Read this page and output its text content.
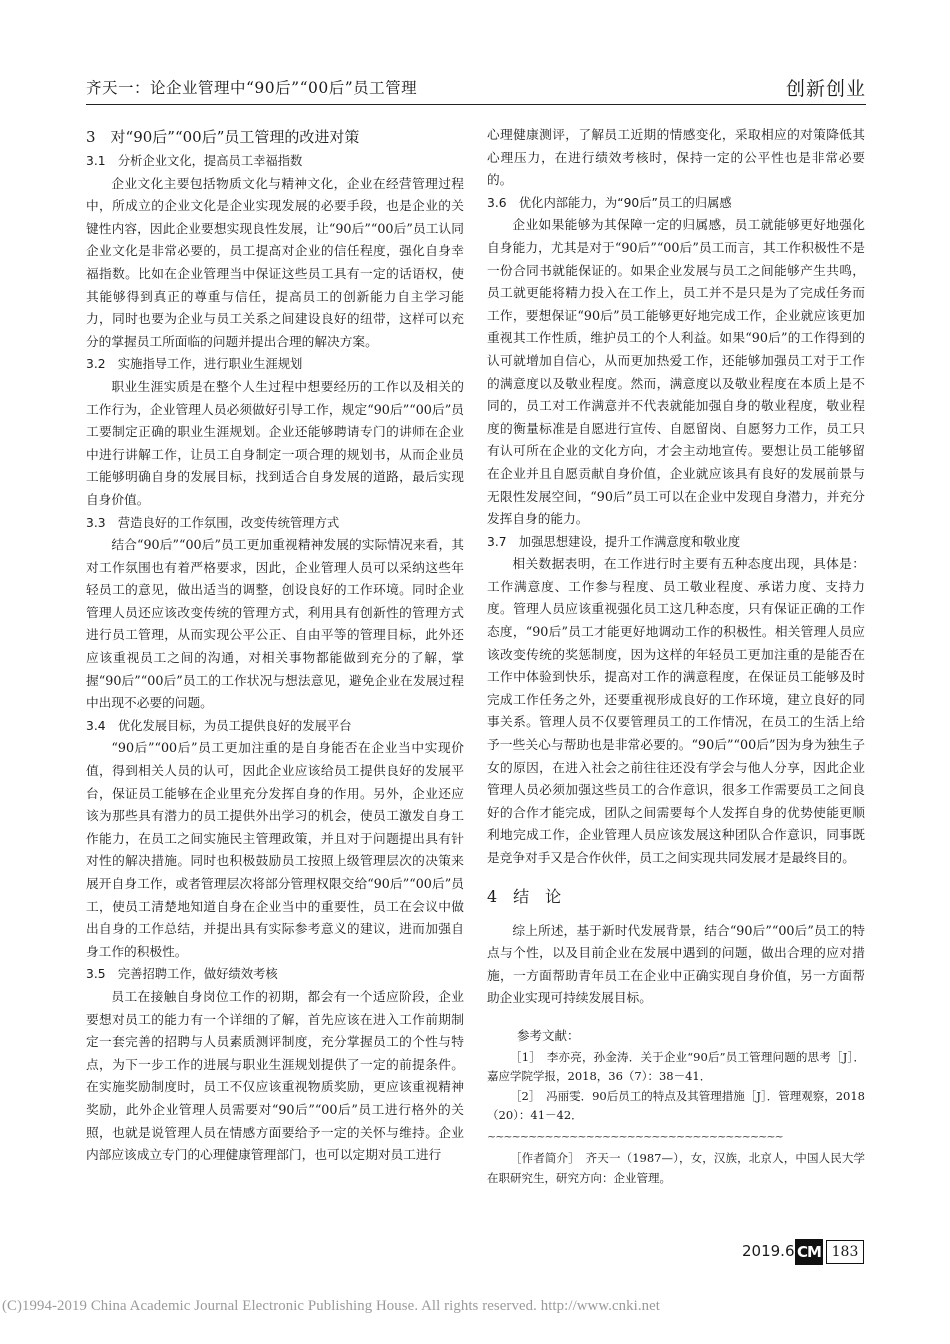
齐天一：论企业管理中“90后”“00后”员工管理	创新创业

3　对“90后”“00后”员工管理的改进对策

3.1　分析企业文化，提高员工幸福指数

企业文化主要包括物质文化与精神文化，企业在经营管理过程中，所成立的企业文化是企业实现发展的必要手段，也是企业的关键性内容，因此企业要想实现良性发展，让“90后”“00后”员工认同企业文化是非常必要的，员工提高对企业的信任程度，强化自身幸福指数。比如在企业管理当中保证这些员工具有一定的话语权，使其能够得到真正的尊重与信任，提高员工的创新能力自主学习能力，同时也要为企业与员工关系之间建设良好的纽带，这样可以充分的掌握员工所面临的问题并提出合理的解决方案。

3.2　实施指导工作，进行职业生涯规划

职业生涯实质是在整个人生过程中想要经历的工作以及相关的工作行为，企业管理人员必须做好引导工作，规定“90后”“00后”员工要制定正确的职业生涯规划。企业还能够聘请专门的讲师在企业中进行讲解工作，让员工自身制定一项合理的规划书，从而企业员工能够明确自身的发展目标，找到适合自身发展的道路，最后实现自身价值。

3.3　营造良好的工作氛围，改变传统管理方式

结合“90后”“00后”员工更加重视精神发展的实际情况来看，其对工作氛围也有着严格要求，因此，企业管理人员可以采纳这些年轻员工的意见，做出适当的调整，创设良好的工作环境。同时企业管理人员还应该改变传统的管理方式，利用具有创新性的管理方式进行员工管理，从而实现公平公正、自由平等的管理目标，此外还应该重视员工之间的沟通，对相关事物都能做到充分的了解，掌握“90后”“00后”员工的工作状况与想法意见，避免企业在发展过程中出现不必要的问题。

3.4　优化发展目标，为员工提供良好的发展平台

“90后”“00后”员工更加注重的是自身能否在企业当中实现价值，得到相关人员的认可，因此企业应该给员工提供良好的发展平台，保证员工能够在企业里充分发挥自身的作用。另外，企业还应该为那些具有潜力的员工提供外出学习的机会，使员工激发自身工作能力，在员工之间实施民主管理政策，并且对于问题提出具有针对性的解决措施。同时也积极鼓励员工按照上级管理层次的决策来展开自身工作，或者管理层次将部分管理权限交给“90后”“00后”员工，使员工清楚地知道自身在企业当中的重要性，员工在会议中做出自身的工作总结，并提出具有实际参考意义的建议，进而加强自身工作的积极性。

3.5　完善招聘工作，做好绩效考核

员工在接触自身岗位工作的初期，都会有一个适应阶段，企业要想对员工的能力有一个详细的了解，首先应该在进入工作前期制定一套完善的招聘与人员素质测评制度，充分掌握员工的个性与特点，为下一步工作的进展与职业生涯规划提供了一定的前提条件。在实施奖励制度时，员工不仅应该重视物质奖励，更应该重视精神奖励，此外企业管理人员需要对“90后”“00后”员工进行格外的关照，也就是说管理人员在情感方面要给予一定的关怀与维持。企业内部应该成立专门的心理健康管理部门，也可以定期对员工进行

心理健康测评，了解员工近期的情感变化，采取相应的对策降低其心理压力，在进行绩效考核时，保持一定的公平性也是非常必要的。

3.6　优化内部能力，为“90后”员工的归属感

企业如果能够为其保障一定的归属感，员工就能够更好地强化自身能力，尤其是对于“90后”“00后”员工而言，其工作积极性不是一份合同书就能保证的。如果企业发展与员工之间能够产生共鸣，员工就更能将精力投入在工作上，员工并不是只是为了完成任务而工作，要想保证“90后”员工能够更好地完成工作，企业就应该更加重视其工作性质，维护员工的个人利益。如果“90后”的工作得到的认可就增加自信心，从而更加热爱工作，还能够加强员工对于工作的满意度以及敬业程度。然而，满意度以及敬业程度在本质上是不同的，员工对工作满意并不代表就能加强自身的敬业程度，敬业程度的衡量标准是自愿进行宣传、自愿留岗、自愿努力工作，员工只有认可所在企业的文化方向，才会主动地宣传。要想让员工能够留在企业并且自愿贡献自身价值，企业就应该具有良好的发展前景与无限性发展空间，“90后”员工可以在企业中发现自身潜力，并充分发挥自身的能力。

3.7　加强思想建设，提升工作满意度和敬业度

相关数据表明，在工作进行时主要有五种态度出现，具体是：工作满意度、工作参与程度、员工敬业程度、承诺力度、支持力度。管理人员应该重视强化员工这几种态度，只有保证正确的工作态度，“90后”员工才能更好地调动工作的积极性。相关管理人员应该改变传统的奖惩制度，因为这样的年轻员工更加注重的是能否在工作中体验到快乐，提高对工作的满意程度，在保证员工能够及时完成工作任务之外，还要重视形成良好的工作环境，建立良好的同事关系。管理人员不仅要管理员工的工作情况，在员工的生活上给予一些关心与帮助也是非常必要的。“90后”“00后”因为身为独生子女的原因，在进入社会之前往往还没有学会与他人分享，因此企业管理人员必须加强这些员工的合作意识，很多工作需要员工之间良好的合作才能完成，团队之间需要每个人发挥自身的优势使能更顺利地完成工作，企业管理人员应该发展这种团队合作意识，同事既是竞争对手又是合作伙伴，员工之间实现共同发展才是最终目的。

4　结　论

综上所述，基于新时代发展背景，结合“90后”“00后”员工的特点与个性，以及目前企业在发展中遇到的问题，做出合理的应对措施，一方面帮助青年员工在企业中正确实现自身价值，另一方面帮助企业实现可持续发展目标。

参考文献：

［1］　李亦亮，孙金涛．关于企业“90后”员工管理问题的思考［J］．嘉应学院学报，2018，36（7）：38－41．

［2］　冯丽雯．90后员工的特点及其管理措施［J］．管理观察，2018（20）：41－42．

~~~~~~~~~~~~~~~~~~~~~~~~~~~~~~~~~~~~

［作者简介］　齐天一（1987—），女，汉族，北京人，中国人民大学在职研究生，研究方向：企业管理。

2019.6 CM 183
(C)1994-2019 China Academic Journal Electronic Publishing House. All rights reserved. http://www.cnki.net
